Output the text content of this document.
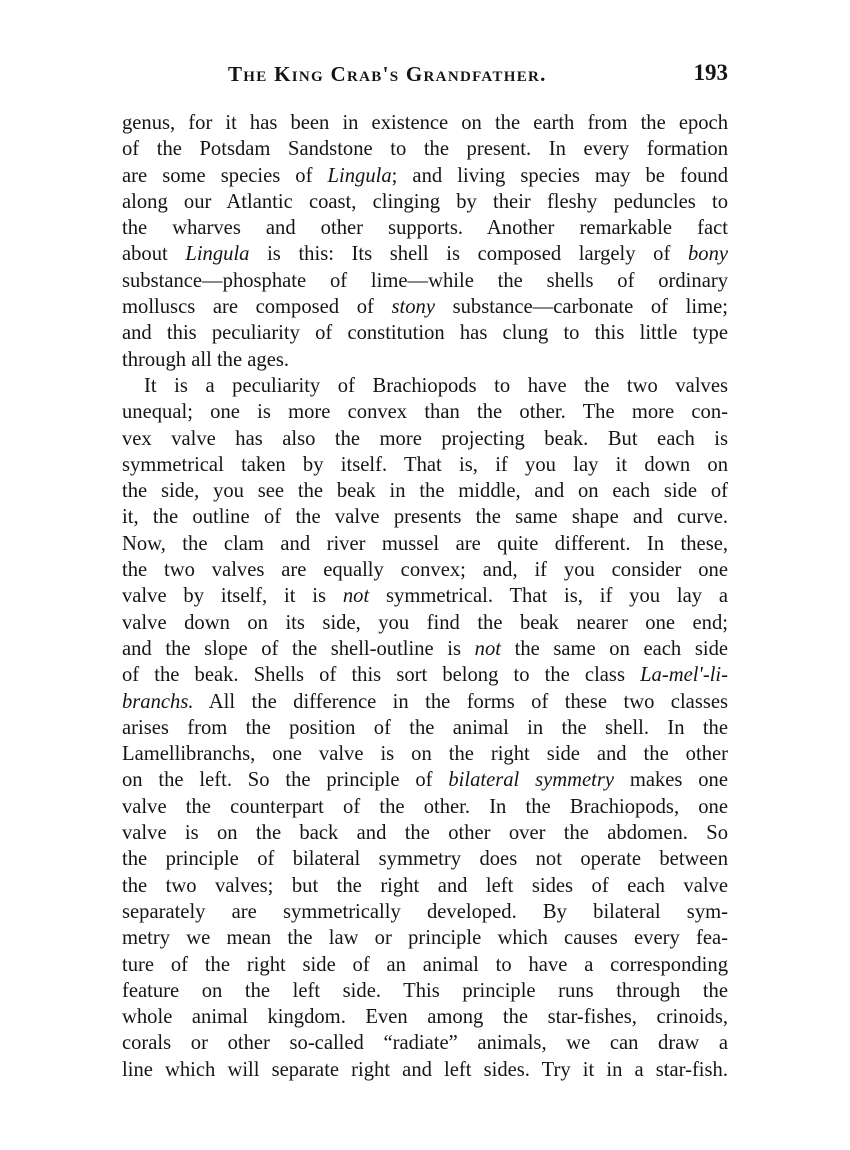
The King Crab's Grandfather.	193
genus, for it has been in existence on the earth from the epoch
of the Potsdam Sandstone to the present. In every formation
are some species of Lingula; and living species may be found
along our Atlantic coast, clinging by their fleshy peduncles to
the wharves and other supports. Another remarkable fact
about Lingula is this: Its shell is composed largely of bony
substance—phosphate of lime—while the shells of ordinary
molluscs are composed of stony substance—carbonate of lime;
and this peculiarity of constitution has clung to this little type
through all the ages.
It is a peculiarity of Brachiopods to have the two valves
unequal; one is more convex than the other. The more con-
vex valve has also the more projecting beak. But each is
symmetrical taken by itself. That is, if you lay it down on
the side, you see the beak in the middle, and on each side of
it, the outline of the valve presents the same shape and curve.
Now, the clam and river mussel are quite different. In these,
the two valves are equally convex; and, if you consider one
valve by itself, it is not symmetrical. That is, if you lay a
valve down on its side, you find the beak nearer one end;
and the slope of the shell-outline is not the same on each side
of the beak. Shells of this sort belong to the class La-mel'-li-
branchs. All the difference in the forms of these two classes
arises from the position of the animal in the shell. In the
Lamellibranchs, one valve is on the right side and the other
on the left. So the principle of bilateral symmetry makes one
valve the counterpart of the other. In the Brachiopods, one
valve is on the back and the other over the abdomen. So
the principle of bilateral symmetry does not operate between
the two valves; but the right and left sides of each valve
separately are symmetrically developed. By bilateral sym-
metry we mean the law or principle which causes every fea-
ture of the right side of an animal to have a corresponding
feature on the left side. This principle runs through the
whole animal kingdom. Even among the star-fishes, crinoids,
corals or other so-called “radiate” animals, we can draw a
line which will separate right and left sides. Try it in a star-fish.
